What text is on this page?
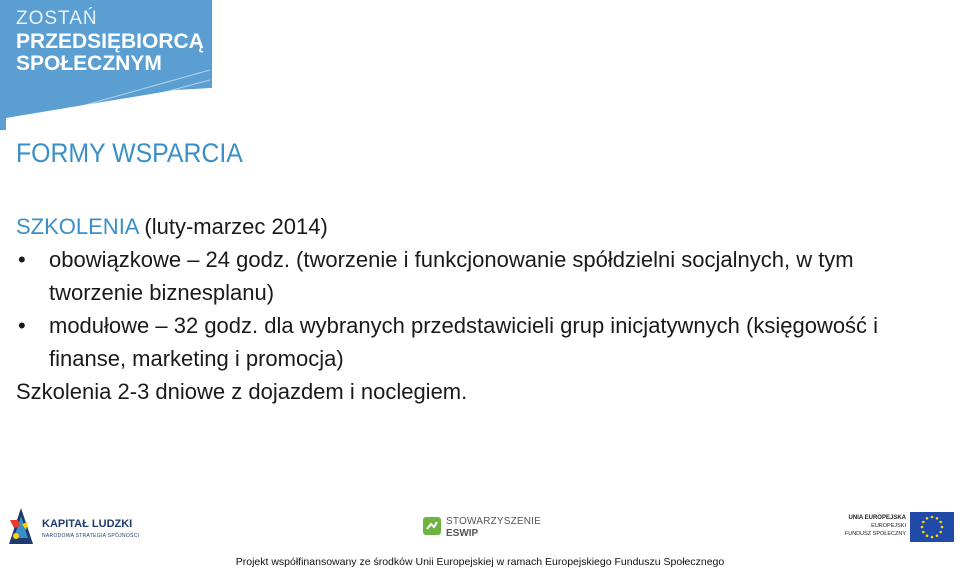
ZOSTAŃ
PRZEDSIĘBIORCĄ
SPOŁECZNYM
FORMY WSPARCIA

SZKOLENIA (luty-marzec 2014)

• obowiązkowe – 24 godz. (tworzenie i funkcjonowanie spółdzielni socjalnych, w tym tworzenie biznesplanu)
• modułowe – 32 godz. dla wybranych przedstawicieli grup inicjatywnych (księgowość i finanse, marketing i promocja)

Szkolenia 2-3 dniowe z dojazdem i noclegiem.

KAPITAŁ LUDZKI
NARODOWA STRATEGIA SPÓJNOŚCI
STOWARZYSZENIE
ESWIP
UNIA EUROPEJSKA
EUROPEJSKI
FUNDUSZ SPOŁECZNY
Projekt współfinansowany ze środków Unii Europejskiej w ramach Europejskiego Funduszu Społecznego
